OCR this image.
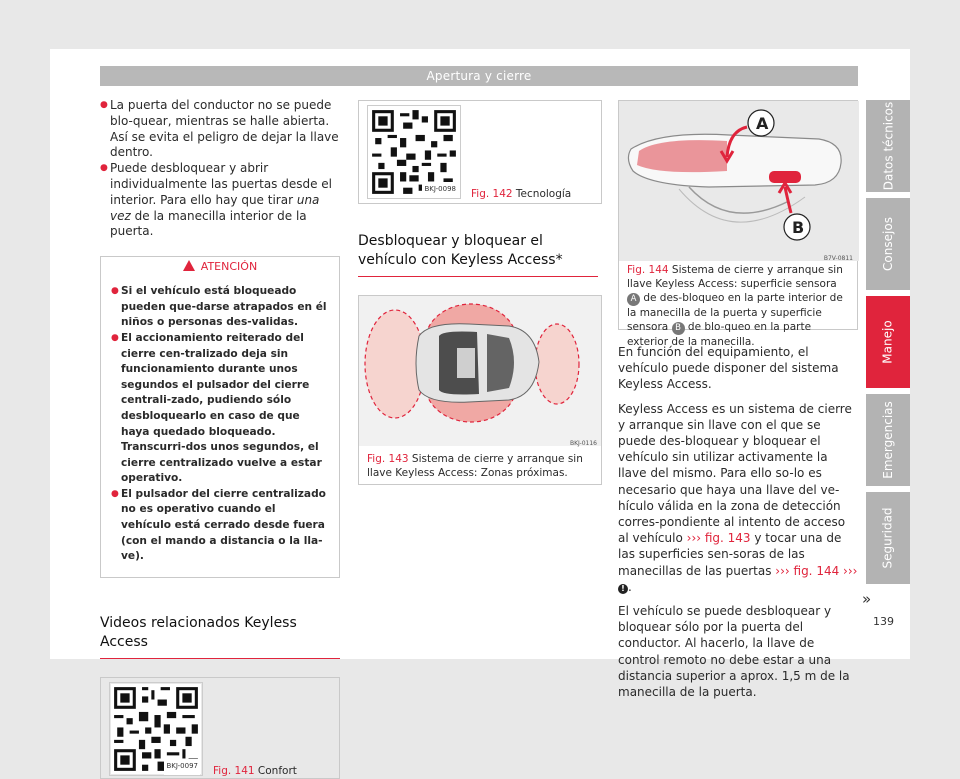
Apertura y cierre
● La puerta del conductor no se puede blo-quear, mientras se halle abierta. Así se evita el peligro de dejar la llave dentro.
● Puede desbloquear y abrir individualmente las puertas desde el interior. Para ello hay que tirar una vez de la manecilla interior de la puerta.
ATENCIÓN
● Si el vehículo está bloqueado pueden que-darse atrapados en él niños o personas des-validas.
● El accionamiento reiterado del cierre cen-tralizado deja sin funcionamiento durante unos segundos el pulsador del cierre centrali-zado, pudiendo sólo desbloquearlo en caso de que haya quedado bloqueado. Transcurri-dos unos segundos, el cierre centralizado vuelve a estar operativo.
● El pulsador del cierre centralizado no es operativo cuando el vehículo está cerrado desde fuera (con el mando a distancia o la lla-ve).
Videos relacionados Keyless Access
BKJ-0097 Fig. 141 Confort
BKJ-0098 Fig. 142 Tecnología
Desbloquear y bloquear el vehículo con Keyless Access*
BKJ-0116
Fig. 143 Sistema de cierre y arranque sin llave Keyless Access: Zonas próximas.
A
B
B7V-0811
Fig. 144 Sistema de cierre y arranque sin llave Keyless Access: superficie sensora A de des-bloqueo en la parte interior de la manecilla de la puerta y superficie sensora B de blo-queo en la parte exterior de la manecilla.

En función del equipamiento, el vehículo puede disponer del sistema Keyless Access.

Keyless Access es un sistema de cierre y arranque sin llave con el que se puede des-bloquear y bloquear el vehículo sin utilizar activamente la llave del mismo. Para ello so-lo es necesario que haya una llave del ve-hículo válida en la zona de detección corres-pondiente al intento de acceso al vehículo ››› fig. 143 y tocar una de las superficies sen-soras de las manecillas de las puertas ››› fig. 144 ››› ! .

El vehículo se puede desbloquear y bloquear sólo por la puerta del conductor. Al hacerlo, la llave de control remoto no debe estar a una distancia superior a aprox. 1,5 m de la manecilla de la puerta.

Datos técnicos
Consejos
Manejo
Emergencias
Seguridad
»
139
